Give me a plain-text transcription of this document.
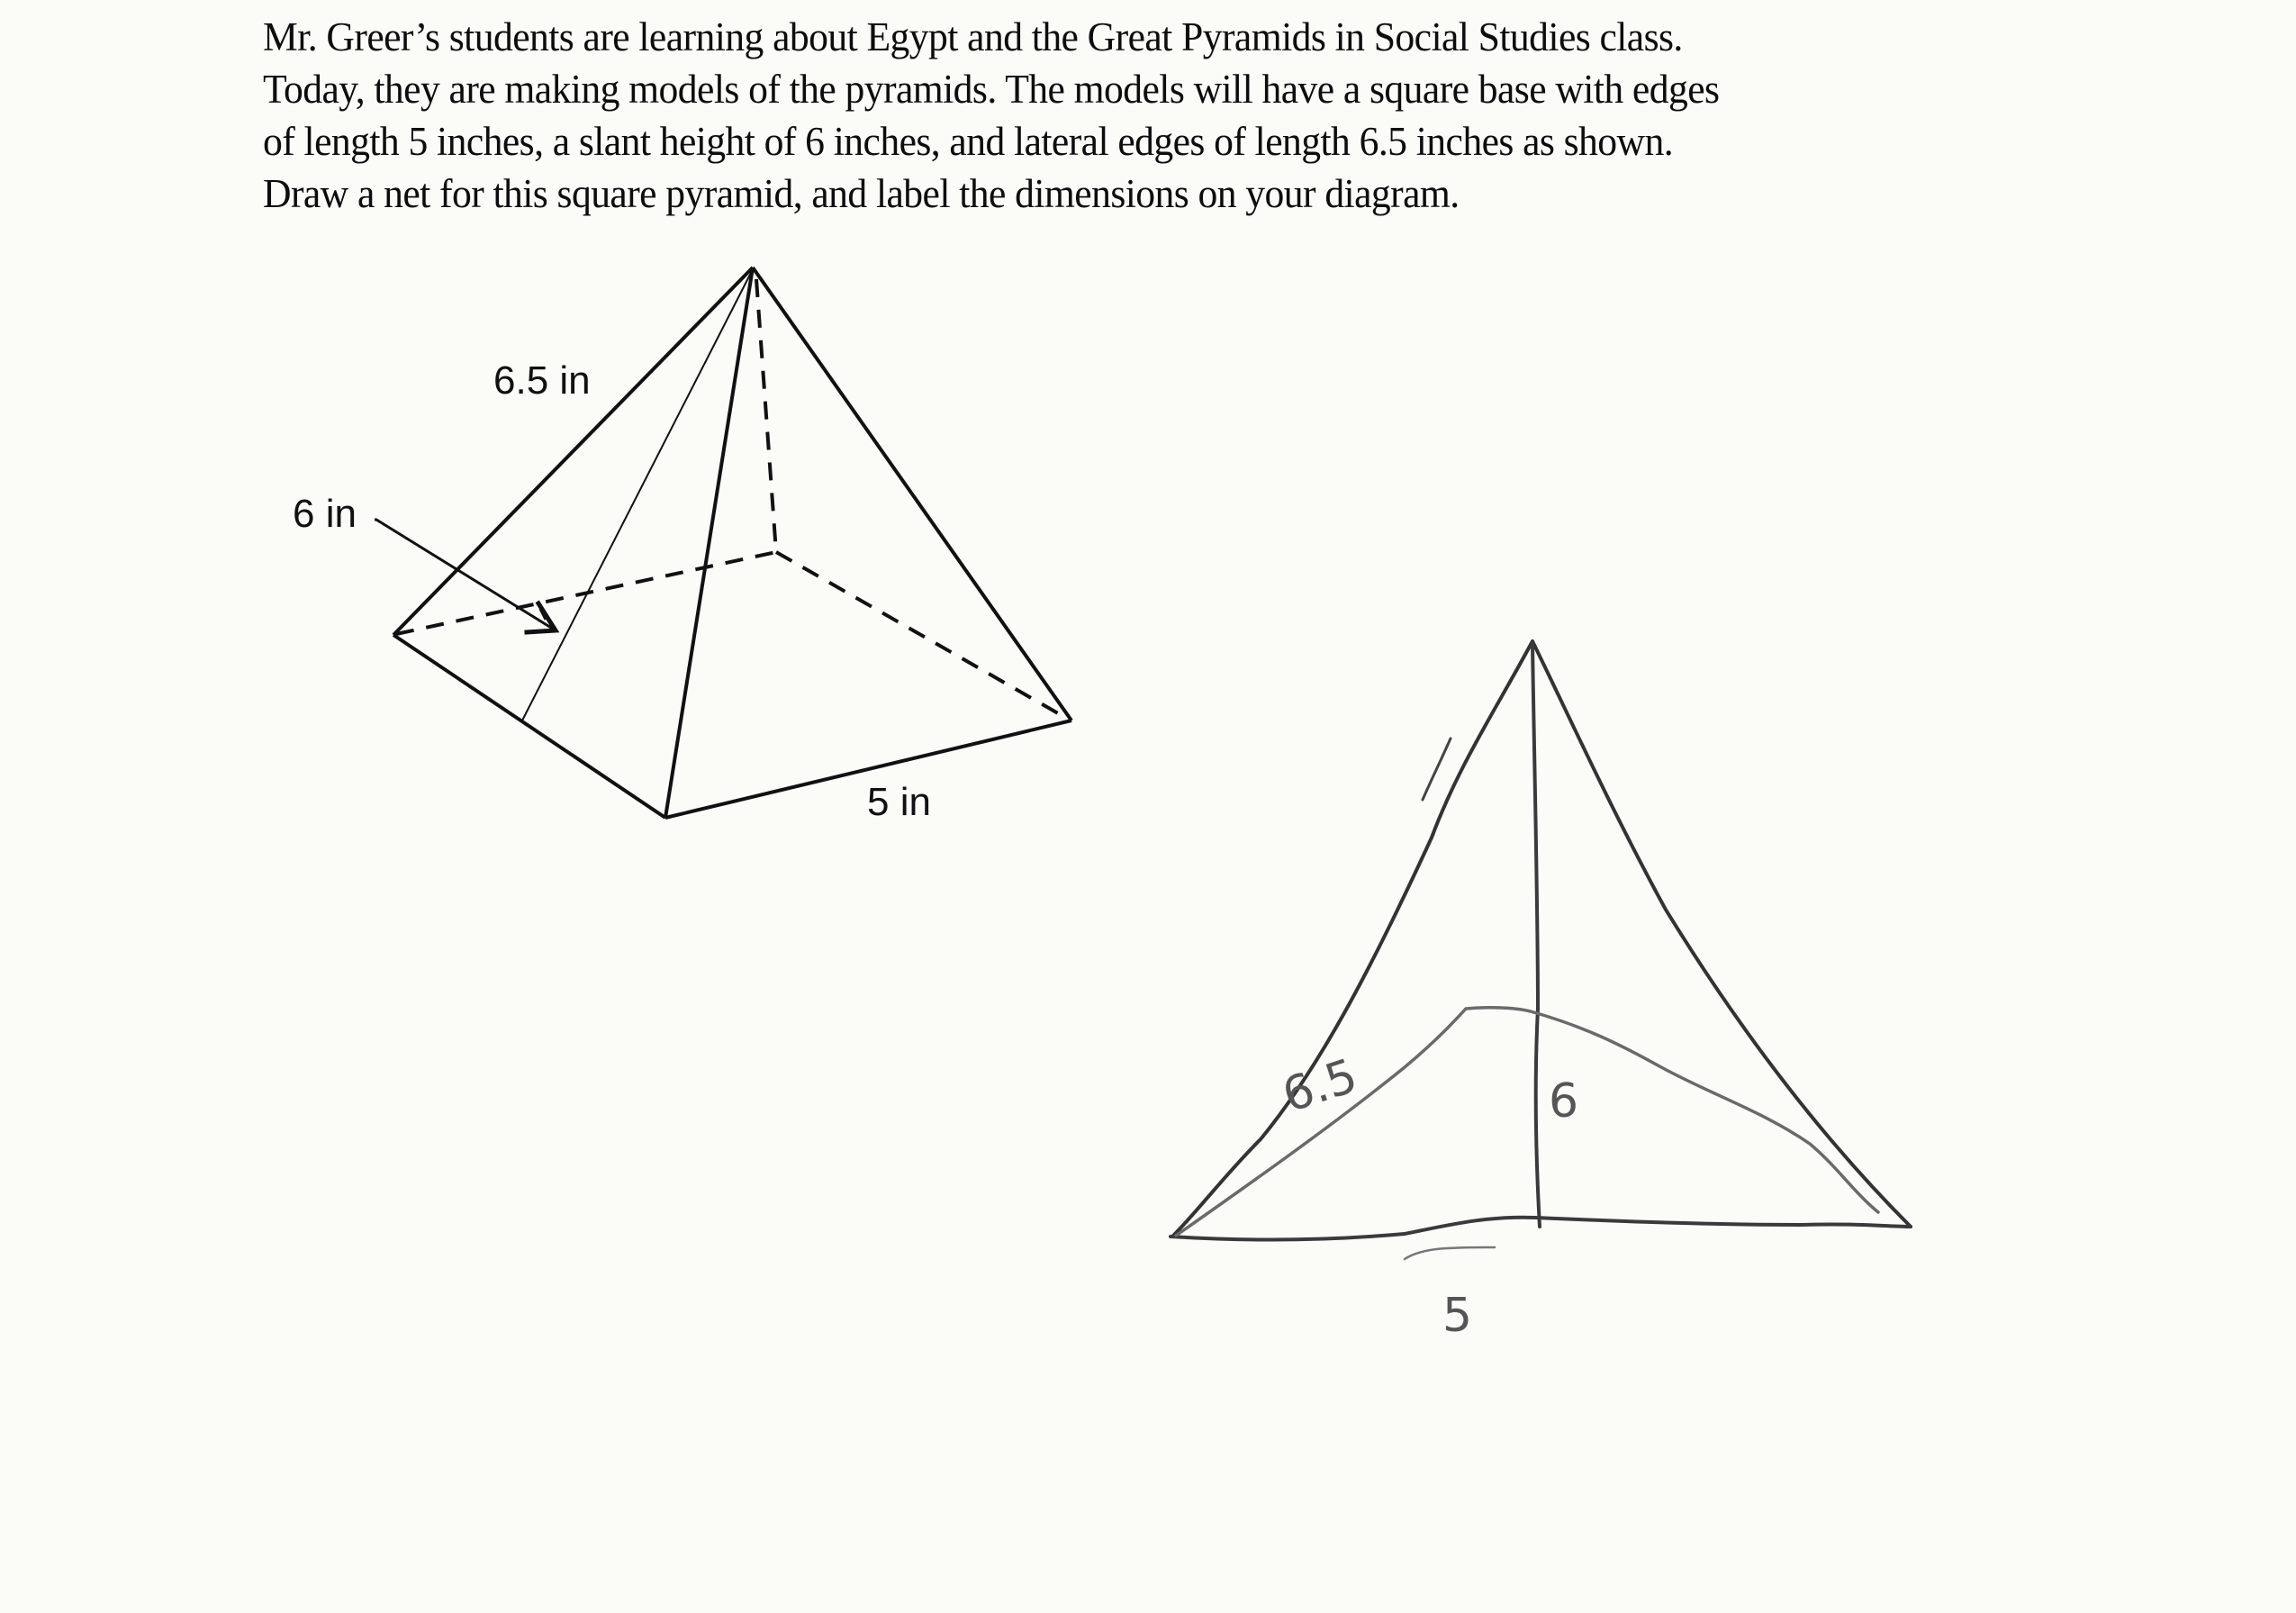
Mr. Greer’s students are learning about Egypt and the Great Pyramids in Social Studies class.
Today, they are making models of the pyramids. The models will have a square base with edges
of length 5 inches, a slant height of 6 inches, and lateral edges of length 6.5 inches as shown.
Draw a net for this square pyramid, and label the dimensions on your diagram.
6.5 in
6 in
5 in
6.5	6
5
